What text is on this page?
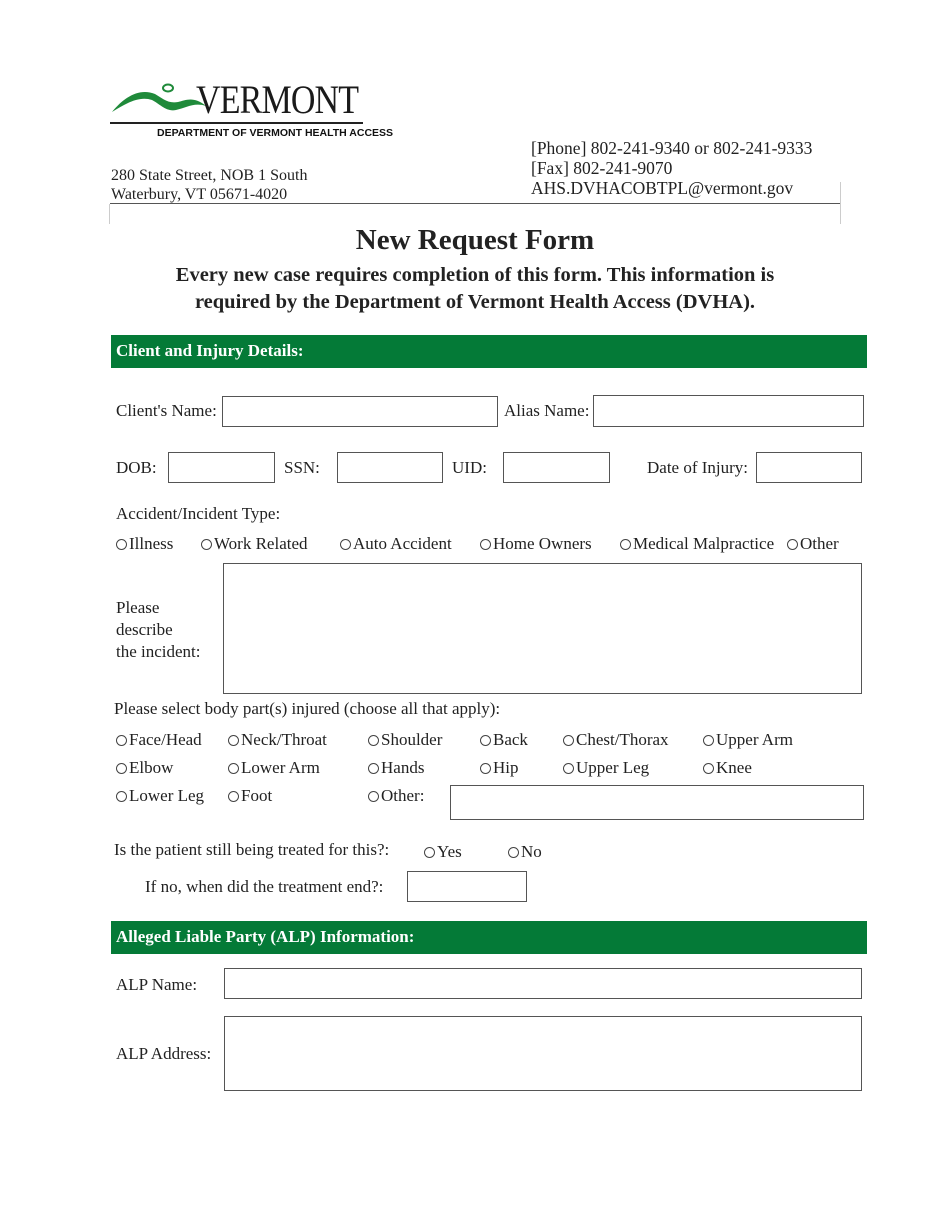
VERMONT
DEPARTMENT OF VERMONT HEALTH ACCESS
280 State Street, NOB 1 South
Waterbury, VT 05671-4020
[Phone] 802-241-9340 or 802-241-9333
[Fax] 802-241-9070
AHS.DVHACOBTPL@vermont.gov
New Request Form
Every new case requires completion of this form. This information is
required by the Department of Vermont Health Access (DVHA).
Client and Injury Details:
Client's Name:	Alias Name:
DOB:	SSN:	UID:	Date of Injury:
Accident/Incident Type:
Illness	Work Related	Auto Accident	Home Owners	Medical Malpractice	Other
Please
describe
the incident:
Please select body part(s) injured (choose all that apply):
Face/Head	Neck/Throat	Shoulder	Back	Chest/Thorax	Upper Arm
Elbow	Lower Arm	Hands	Hip	Upper Leg	Knee
Lower Leg	Foot	Other:
Is the patient still being treated for this?:	Yes	No
If no, when did the treatment end?:
Alleged Liable Party (ALP) Information:
ALP Name:
ALP Address:
